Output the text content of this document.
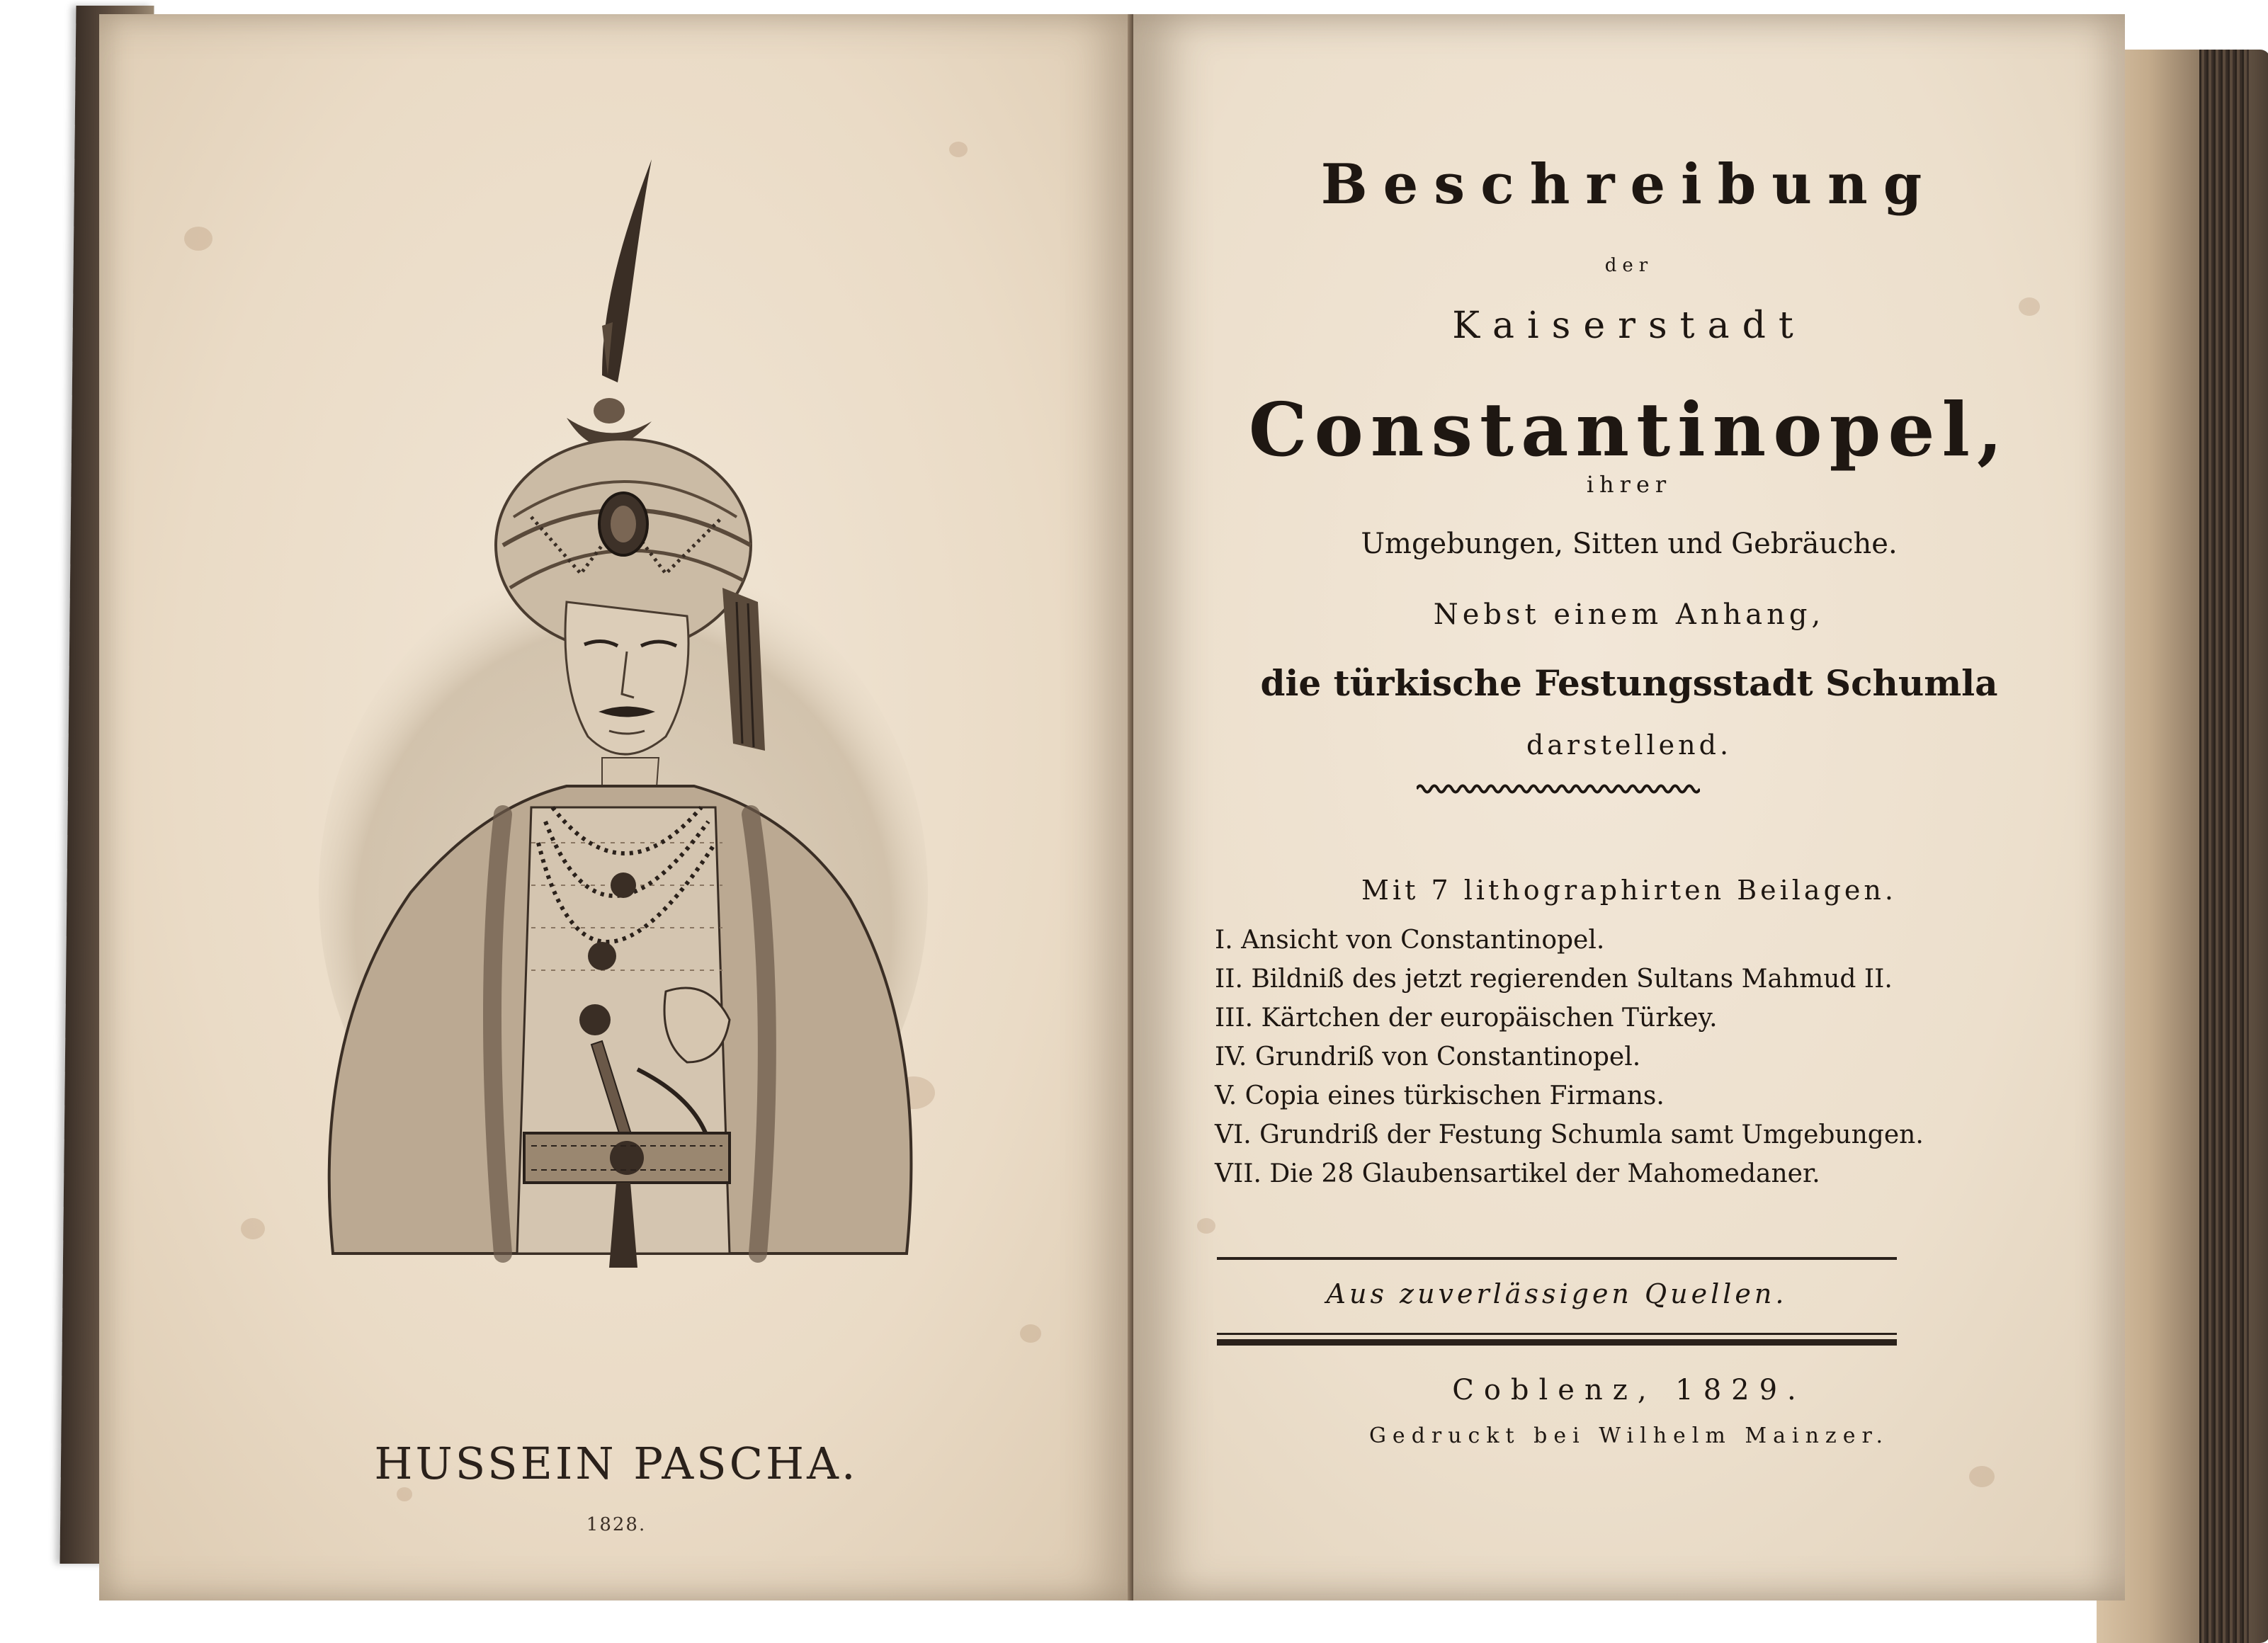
HUSSEIN PASCHA.
1828.
Beschreibung
der
Kaiserstadt
Constantinopel,
ihrer
Umgebungen, Sitten und Gebräuche.
Nebst einem Anhang,
die türkische Festungsstadt Schumla
darstellend.
Mit 7 lithographirten Beilagen.
I. Ansicht von Constantinopel.
II. Bildniß des jetzt regierenden Sultans Mahmud II.
III. Kärtchen der europäischen Türkey.
IV. Grundriß von Constantinopel.
V. Copia eines türkischen Firmans.
VI. Grundriß der Festung Schumla samt Umgebungen.
VII. Die 28 Glaubensartikel der Mahomedaner.
Aus zuverlässigen Quellen.
Coblenz, 1829.
Gedruckt bei Wilhelm Mainzer.
